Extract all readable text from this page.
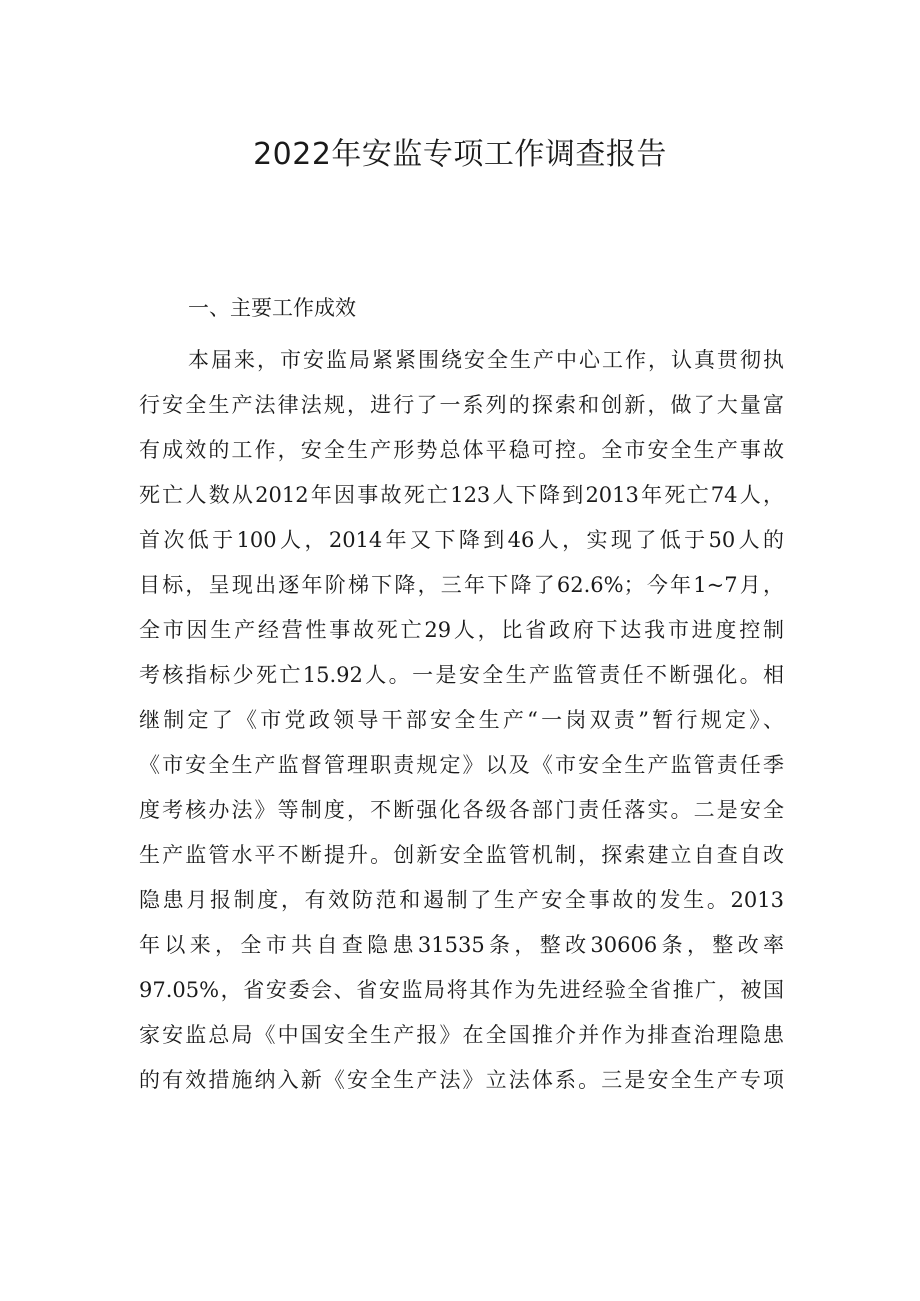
2022年安监专项工作调查报告
一、主要工作成效
本届来，市安监局紧紧围绕安全生产中心工作，认真贯彻执
行安全生产法律法规，进行了一系列的探索和创新，做了大量富
有成效的工作，安全生产形势总体平稳可控。全市安全生产事故
死亡人数从2012年因事故死亡123人下降到2013年死亡74人，
首次低于100人，2014年又下降到46人，实现了低于50人的
目标，呈现出逐年阶梯下降，三年下降了62.6%；今年1~7月，
全市因生产经营性事故死亡29人，比省政府下达我市进度控制
考核指标少死亡15.92人。一是安全生产监管责任不断强化。相
继制定了《市党政领导干部安全生产“一岗双责”暂行规定》、
《市安全生产监督管理职责规定》以及《市安全生产监管责任季
度考核办法》等制度，不断强化各级各部门责任落实。二是安全
生产监管水平不断提升。创新安全监管机制，探索建立自查自改
隐患月报制度，有效防范和遏制了生产安全事故的发生。2013
年以来，全市共自查隐患31535条，整改30606条，整改率
97.05%，省安委会、省安监局将其作为先进经验全省推广，被国
家安监总局《中国安全生产报》在全国推介并作为排查治理隐患
的有效措施纳入新《安全生产法》立法体系。三是安全生产专项
